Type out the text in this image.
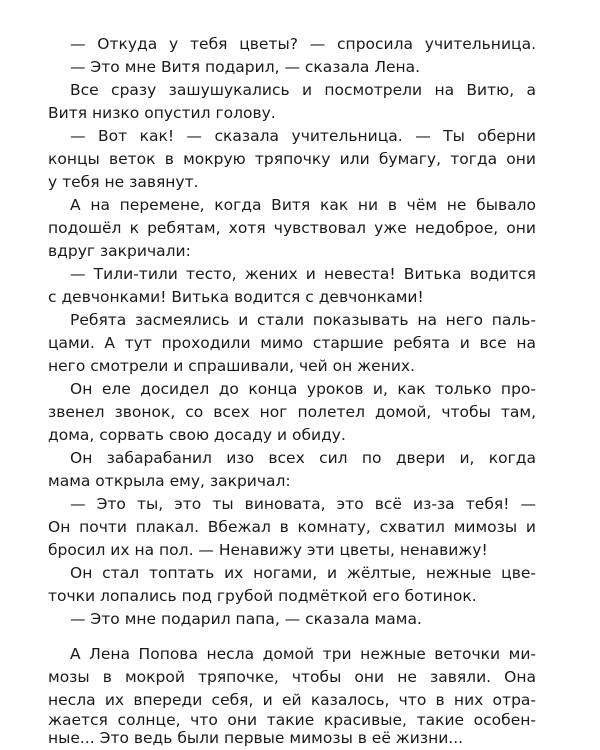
— Откуда у тебя цветы? — спросила учительница.
— Это мне Витя подарил, — сказала Лена.
Все сразу зашушукались и посмотрели на Витю, а
Витя низко опустил голову.
— Вот как! — сказала учительница. — Ты оберни
концы веток в мокрую тряпочку или бумагу, тогда они
у тебя не завянут.
А на перемене, когда Витя как ни в чём не бывало
подошёл к ребятам, хотя чувствовал уже недоброе, они
вдруг закричали:
— Тили-тили тесто, жених и невеста! Витька водится
с девчонками! Витька водится с девчонками!
Ребята засмеялись и стали показывать на него паль-
цами. А тут проходили мимо старшие ребята и все на
него смотрели и спрашивали, чей он жених.
Он еле досидел до конца уроков и, как только про-
звенел звонок, со всех ног полетел домой, чтобы там,
дома, сорвать свою досаду и обиду.
Он забарабанил изо всех сил по двери и, когда
мама открыла ему, закричал:
— Это ты, это ты виновата, это всё из-за тебя! —
Он почти плакал. Вбежал в комнату, схватил мимозы и
бросил их на пол. — Ненавижу эти цветы, ненавижу!
Он стал топтать их ногами, и жёлтые, нежные цве-
точки лопались под грубой подмёткой его ботинок.
— Это мне подарил папа, — сказала мама.
А Лена Попова несла домой три нежные веточки ми-
мозы в мокрой тряпочке, чтобы они не завяли. Она
несла их впереди себя, и ей казалось, что в них отра-
жается солнце, что они такие красивые, такие особен-
ные... Это ведь были первые мимозы в её жизни...
